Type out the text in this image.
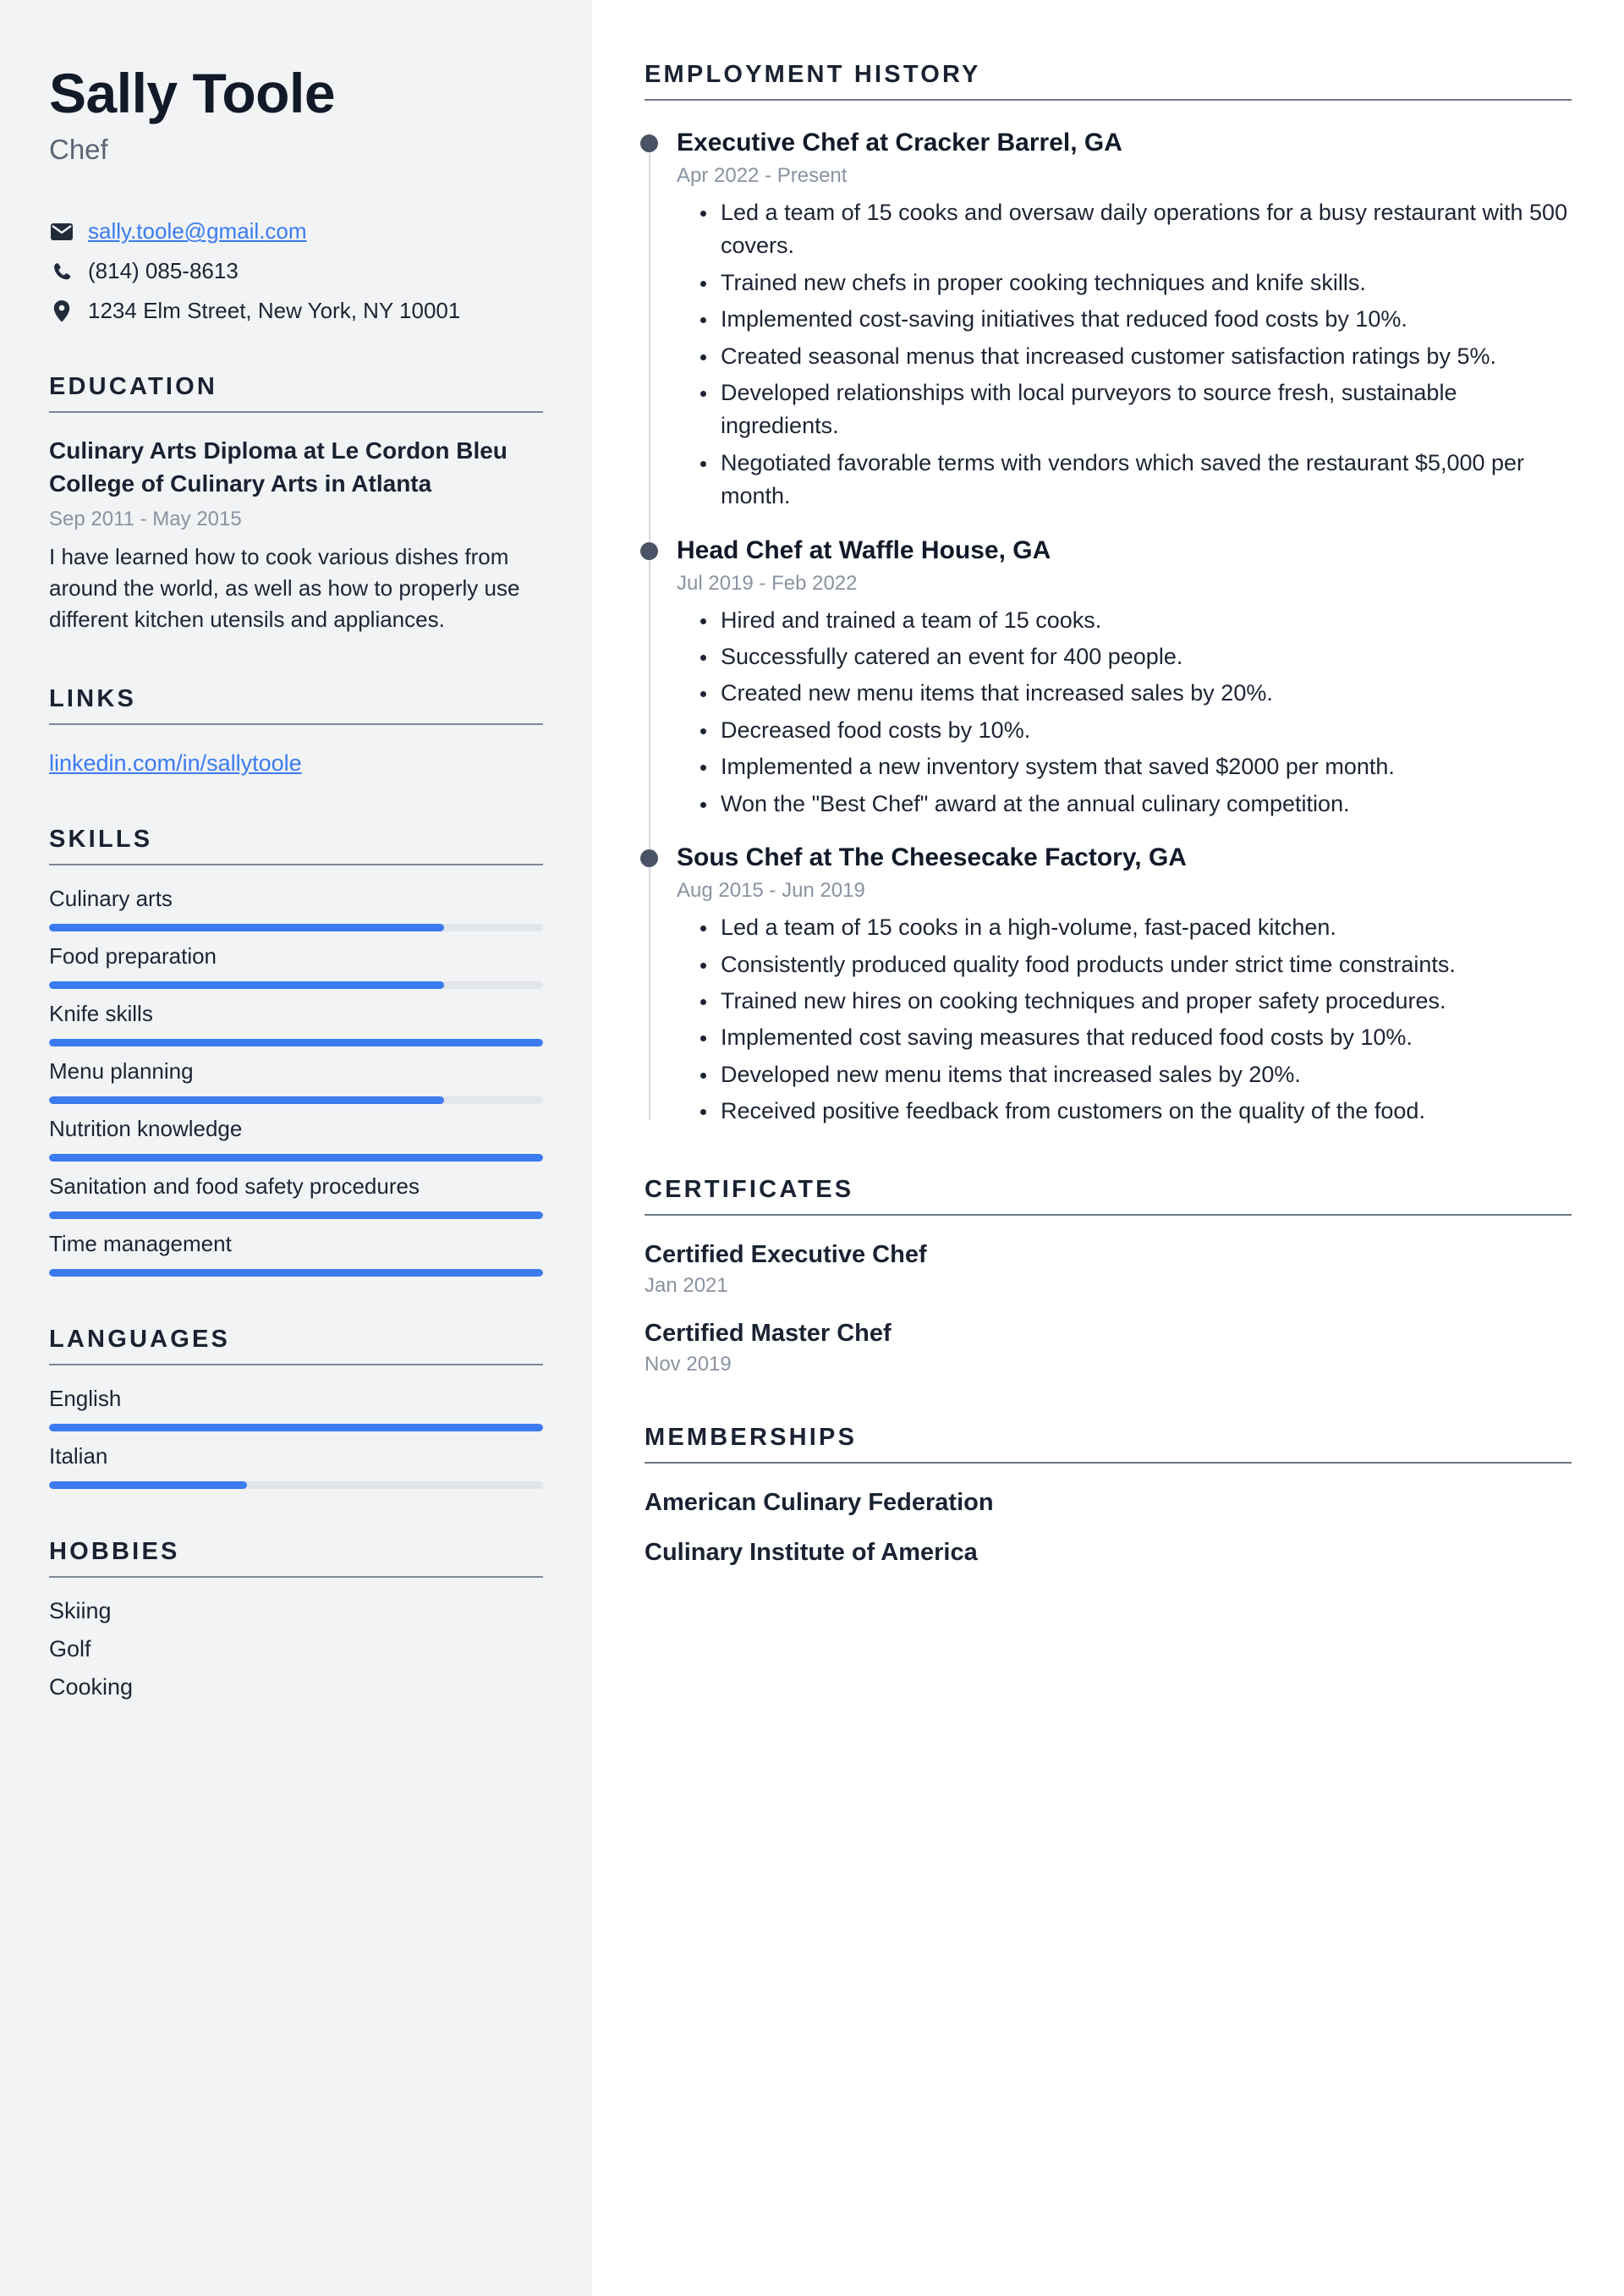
Sally Toole
Chef
sally.toole@gmail.com
(814) 085-8613
1234 Elm Street, New York, NY 10001
EDUCATION
Culinary Arts Diploma at Le Cordon Bleu College of Culinary Arts in Atlanta
Sep 2011 - May 2015
I have learned how to cook various dishes from around the world, as well as how to properly use different kitchen utensils and appliances.
LINKS
linkedin.com/in/sallytoole
SKILLS
Culinary arts
Food preparation
Knife skills
Menu planning
Nutrition knowledge
Sanitation and food safety procedures
Time management
LANGUAGES
English
Italian
HOBBIES
Skiing
Golf
Cooking
EMPLOYMENT HISTORY
Executive Chef at Cracker Barrel, GA
Apr 2022 - Present
Led a team of 15 cooks and oversaw daily operations for a busy restaurant with 500 covers.
Trained new chefs in proper cooking techniques and knife skills.
Implemented cost-saving initiatives that reduced food costs by 10%.
Created seasonal menus that increased customer satisfaction ratings by 5%.
Developed relationships with local purveyors to source fresh, sustainable ingredients.
Negotiated favorable terms with vendors which saved the restaurant $5,000 per month.
Head Chef at Waffle House, GA
Jul 2019 - Feb 2022
Hired and trained a team of 15 cooks.
Successfully catered an event for 400 people.
Created new menu items that increased sales by 20%.
Decreased food costs by 10%.
Implemented a new inventory system that saved $2000 per month.
Won the "Best Chef" award at the annual culinary competition.
Sous Chef at The Cheesecake Factory, GA
Aug 2015 - Jun 2019
Led a team of 15 cooks in a high-volume, fast-paced kitchen.
Consistently produced quality food products under strict time constraints.
Trained new hires on cooking techniques and proper safety procedures.
Implemented cost saving measures that reduced food costs by 10%.
Developed new menu items that increased sales by 20%.
Received positive feedback from customers on the quality of the food.
CERTIFICATES
Certified Executive Chef
Jan 2021
Certified Master Chef
Nov 2019
MEMBERSHIPS
American Culinary Federation
Culinary Institute of America
